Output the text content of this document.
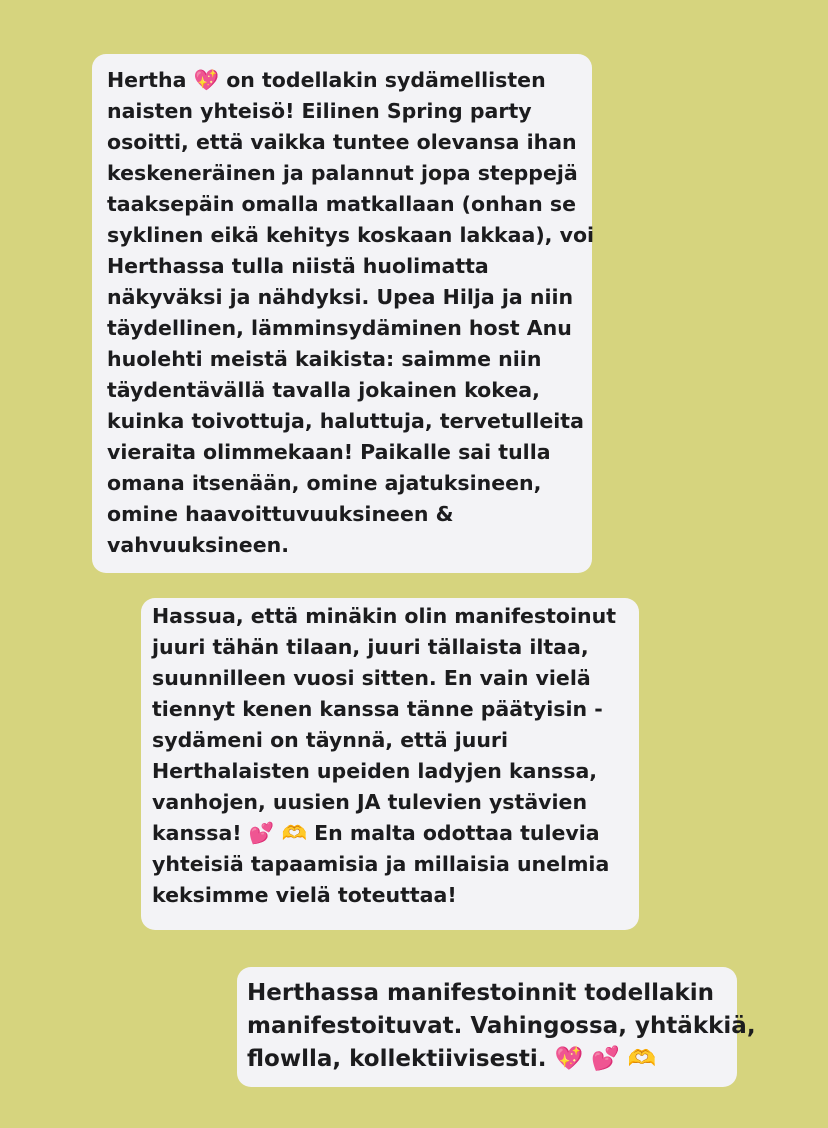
Hertha 💖 on todellakin sydämellisten
naisten yhteisö! Eilinen Spring party
osoitti, että vaikka tuntee olevansa ihan
keskeneräinen ja palannut jopa steppejä
taaksepäin omalla matkallaan (onhan se
syklinen eikä kehitys koskaan lakkaa), voi
Herthassa tulla niistä huolimatta
näkyväksi ja nähdyksi. Upea Hilja ja niin
täydellinen, lämminsydäminen host Anu
huolehti meistä kaikista: saimme niin
täydentävällä tavalla jokainen kokea,
kuinka toivottuja, haluttuja, tervetulleita
vieraita olimmekaan! Paikalle sai tulla
omana itsenään, omine ajatuksineen,
omine haavoittuvuuksineen &
vahvuuksineen.
Hassua, että minäkin olin manifestoinut
juuri tähän tilaan, juuri tällaista iltaa,
suunnilleen vuosi sitten. En vain vielä
tiennyt kenen kanssa tänne päätyisin -
sydämeni on täynnä, että juuri
Herthalaisten upeiden ladyjen kanssa,
vanhojen, uusien JA tulevien ystävien
kanssa! 💕 🫶 En malta odottaa tulevia
yhteisiä tapaamisia ja millaisia unelmia
keksimme vielä toteuttaa!
Herthassa manifestoinnit todellakin
manifestoituvat. Vahingossa, yhtäkkiä,
flowlla, kollektiivisesti. 💖 💕 🫶
